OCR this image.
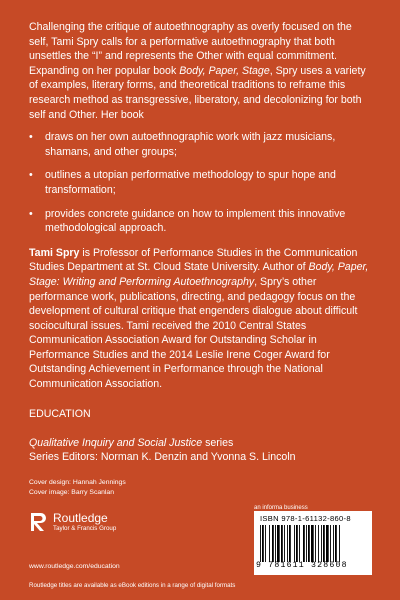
Challenging the critique of autoethnography as overly focused on the self, Tami Spry calls for a performative autoethnography that both unsettles the “I” and represents the Other with equal commitment. Expanding on her popular book Body, Paper, Stage, Spry uses a variety of examples, literary forms, and theoretical traditions to reframe this research method as transgressive, liberatory, and decolonizing for both self and Other. Her book

• draws on her own autoethnographic work with jazz musicians, shamans, and other groups;
• outlines a utopian performative methodology to spur hope and transformation;
• provides concrete guidance on how to implement this innovative methodological approach.

Tami Spry is Professor of Performance Studies in the Communication Studies Department at St. Cloud State University. Author of Body, Paper, Stage: Writing and Performing Autoethnography, Spry’s other performance work, publications, directing, and pedagogy focus on the development of cultural critique that engenders dialogue about difficult sociocultural issues. Tami received the 2010 Central States Communication Association Award for Outstanding Scholar in Performance Studies and the 2014 Leslie Irene Coger Award for Outstanding Achievement in Performance through the National Communication Association.

EDUCATION
Qualitative Inquiry and Social Justice series
Series Editors: Norman K. Denzin and Yvonna S. Lincoln
Cover design: Hannah Jennings
Cover image: Barry Scanlan
Routledge
Taylor & Francis Group
www.routledge.com/education
Routledge titles are available as eBook editions in a range of digital formats
an informa business
ISBN 978-1-61132-860-8
9 781611 328608
